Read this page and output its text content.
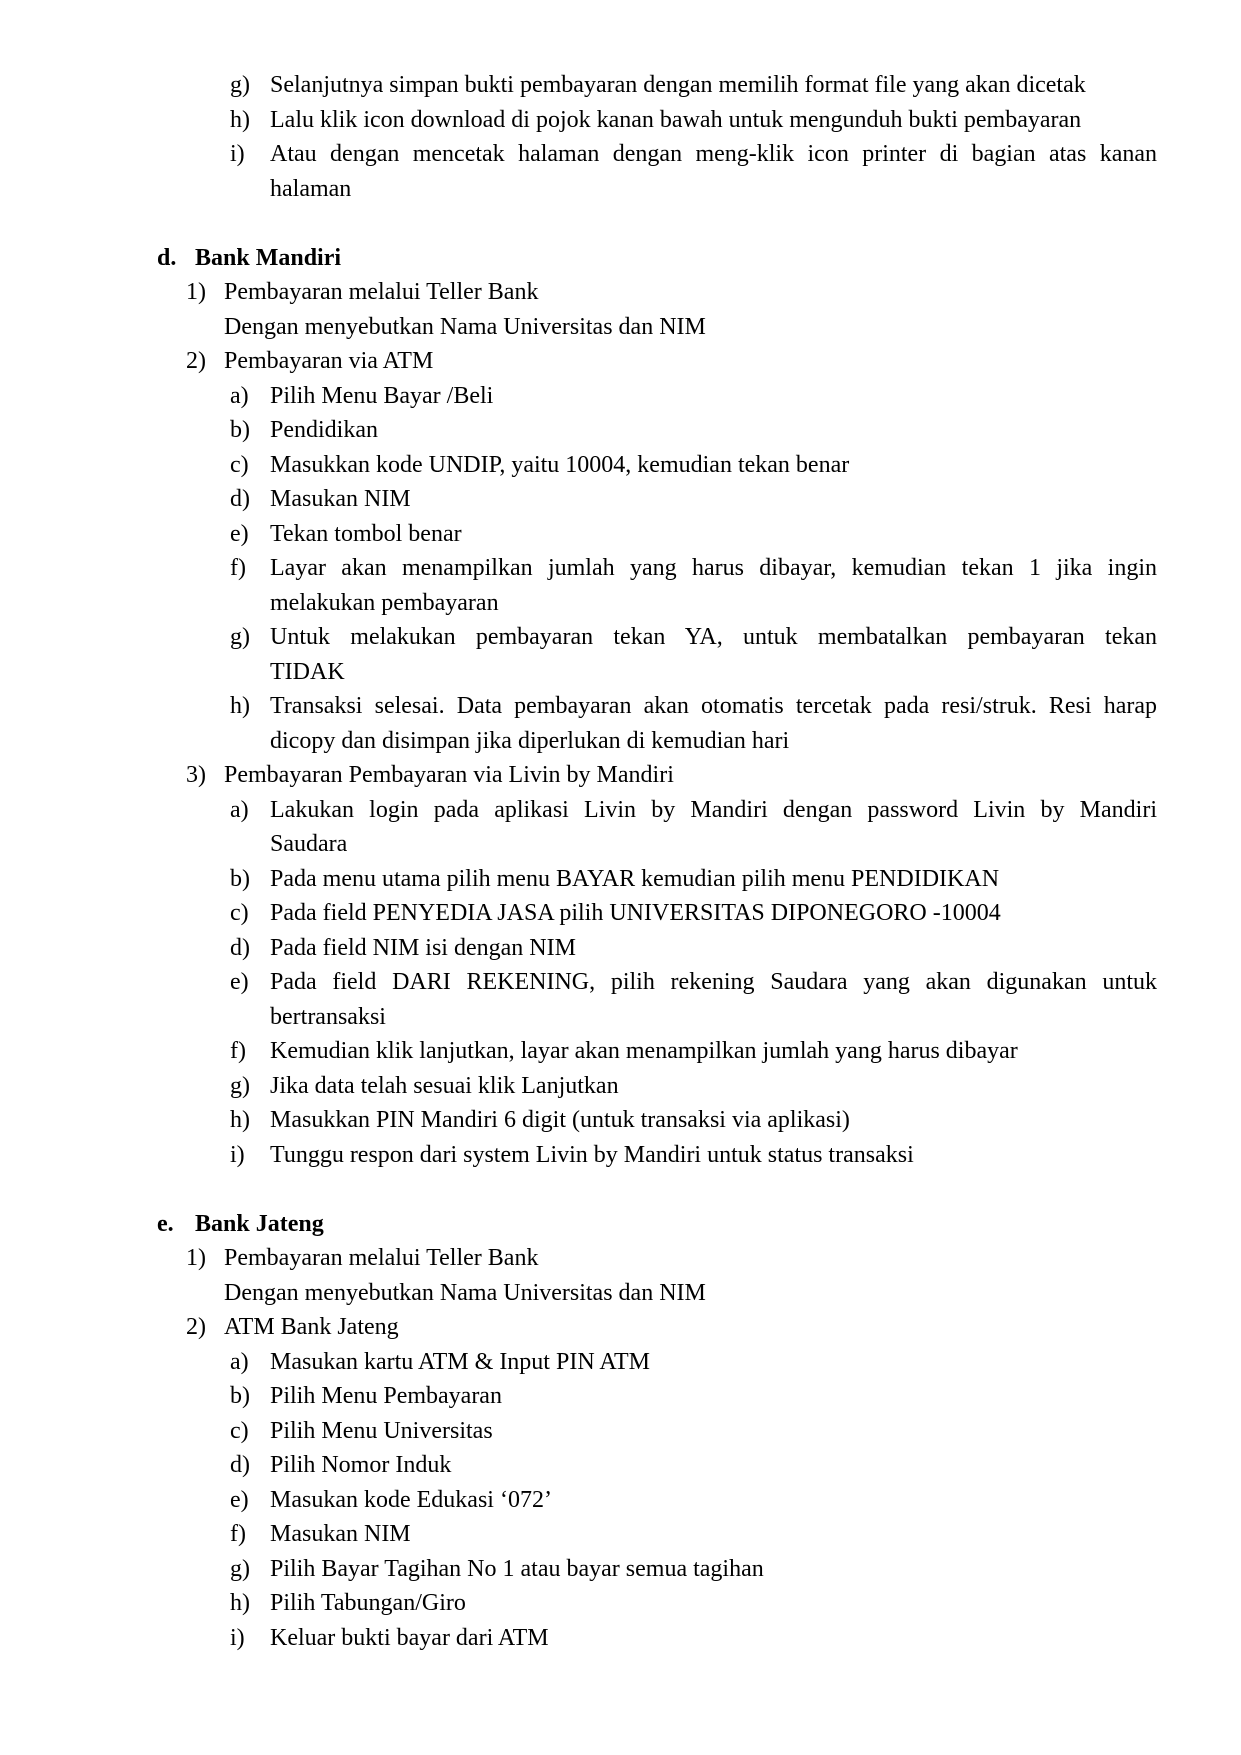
g) Selanjutnya simpan bukti pembayaran dengan memilih format file yang akan dicetak
h) Lalu klik icon download di pojok kanan bawah untuk mengunduh bukti pembayaran
i) Atau dengan mencetak halaman dengan meng-klik icon printer di bagian atas kanan
halaman
d. Bank Mandiri
1) Pembayaran melalui Teller Bank
Dengan menyebutkan Nama Universitas dan NIM
2) Pembayaran via ATM
a) Pilih Menu Bayar /Beli
b) Pendidikan
c) Masukkan kode UNDIP, yaitu 10004, kemudian tekan benar
d) Masukan NIM
e) Tekan tombol benar
f) Layar akan menampilkan jumlah yang harus dibayar, kemudian tekan 1 jika ingin
melakukan pembayaran
g) Untuk melakukan pembayaran tekan YA, untuk membatalkan pembayaran tekan
TIDAK
h) Transaksi selesai. Data pembayaran akan otomatis tercetak pada resi/struk. Resi harap
dicopy dan disimpan jika diperlukan di kemudian hari
3) Pembayaran Pembayaran via Livin by Mandiri
a) Lakukan login pada aplikasi Livin by Mandiri dengan password Livin by Mandiri
Saudara
b) Pada menu utama pilih menu BAYAR kemudian pilih menu PENDIDIKAN
c) Pada field PENYEDIA JASA pilih UNIVERSITAS DIPONEGORO -10004
d) Pada field NIM isi dengan NIM
e) Pada field DARI REKENING, pilih rekening Saudara yang akan digunakan untuk
bertransaksi
f) Kemudian klik lanjutkan, layar akan menampilkan jumlah yang harus dibayar
g) Jika data telah sesuai klik Lanjutkan
h) Masukkan PIN Mandiri 6 digit (untuk transaksi via aplikasi)
i) Tunggu respon dari system Livin by Mandiri untuk status transaksi
e. Bank Jateng
1) Pembayaran melalui Teller Bank
Dengan menyebutkan Nama Universitas dan NIM
2) ATM Bank Jateng
a) Masukan kartu ATM & Input PIN ATM
b) Pilih Menu Pembayaran
c) Pilih Menu Universitas
d) Pilih Nomor Induk
e) Masukan kode Edukasi ‘072’
f) Masukan NIM
g) Pilih Bayar Tagihan No 1 atau bayar semua tagihan
h) Pilih Tabungan/Giro
i) Keluar bukti bayar dari ATM
